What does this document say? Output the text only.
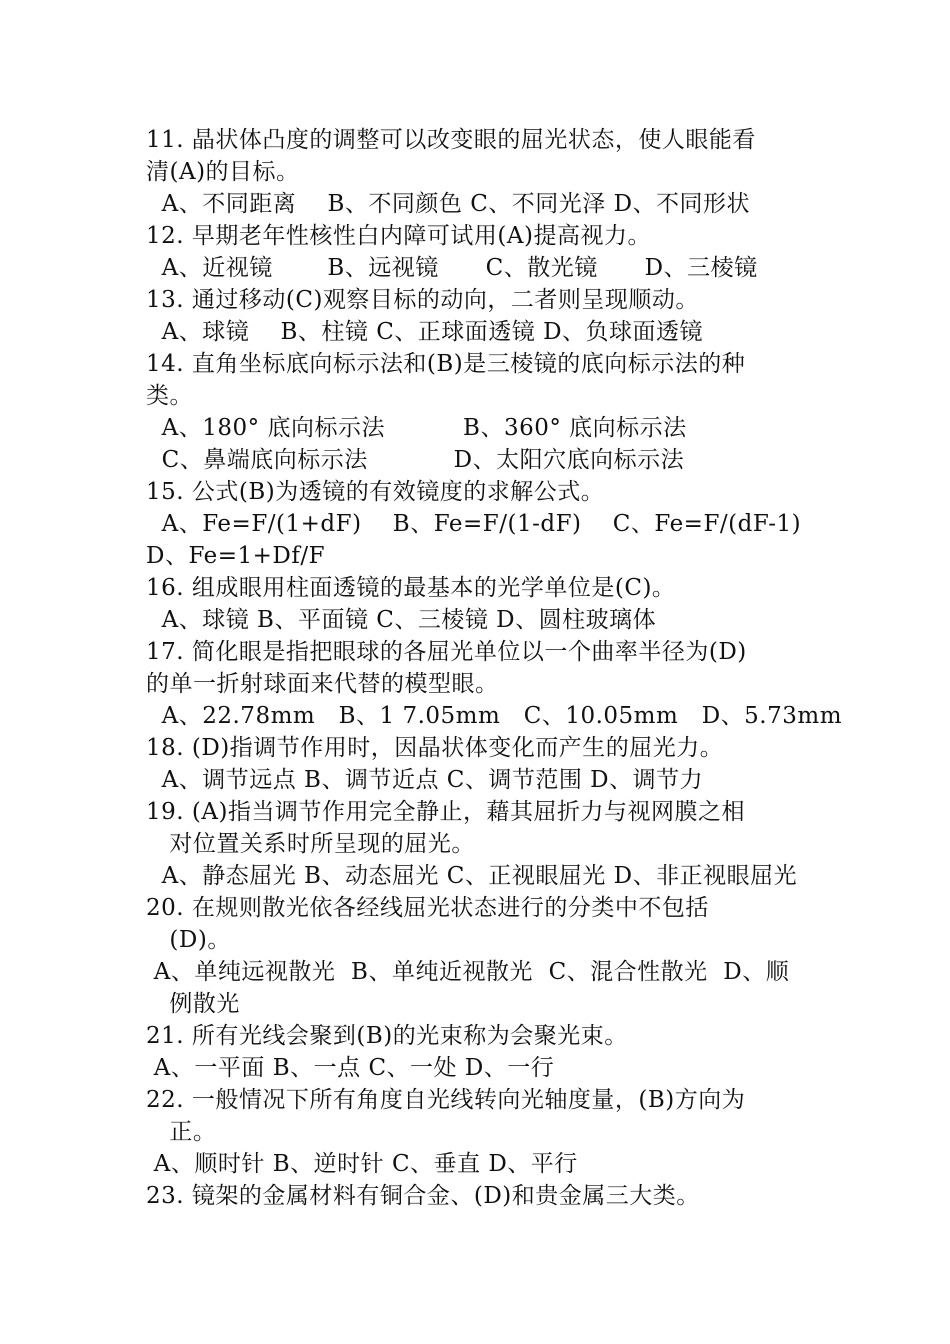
11. 晶状体凸度的调整可以改变眼的屈光状态，使人眼能看
清(A)的目标。
A、不同距离    B、不同颜色 C、不同光泽 D、不同形状
12. 早期老年性核性白内障可试用(A)提高视力。
A、近视镜       B、远视镜      C、散光镜      D、三棱镜
13. 通过移动(C)观察目标的动向，二者则呈现顺动。
A、球镜    B、柱镜 C、正球面透镜 D、负球面透镜
14. 直角坐标底向标示法和(B)是三棱镜的底向标示法的种
类。
A、180° 底向标示法          B、360° 底向标示法
C、鼻端底向标示法           D、太阳穴底向标示法
15. 公式(B)为透镜的有效镜度的求解公式。
A、Fe=F/(1+dF)    B、Fe=F/(1-dF)    C、Fe=F/(dF-1)
D、Fe=1+Df/F
16. 组成眼用柱面透镜的最基本的光学单位是(C)。
A、球镜 B、平面镜 C、三棱镜 D、圆柱玻璃体
17. 简化眼是指把眼球的各屈光单位以一个曲率半径为(D)
的单一折射球面来代替的模型眼。
A、22.78mm   B、1 7.05mm   C、10.05mm   D、5.73mm
18. (D)指调节作用时，因晶状体变化而产生的屈光力。
A、调节远点 B、调节近点 C、调节范围 D、调节力
19. (A)指当调节作用完全静止，藉其屈折力与视网膜之相
对位置关系时所呈现的屈光。
A、静态屈光 B、动态屈光 C、正视眼屈光 D、非正视眼屈光
20. 在规则散光依各经线屈光状态进行的分类中不包括
(D)。
A、单纯远视散光  B、单纯近视散光  C、混合性散光  D、顺
例散光
21. 所有光线会聚到(B)的光束称为会聚光束。
A、一平面 B、一点 C、一处 D、一行
22. 一般情况下所有角度自光线转向光轴度量，(B)方向为
正。
A、顺时针 B、逆时针 C、垂直 D、平行
23. 镜架的金属材料有铜合金、(D)和贵金属三大类。
